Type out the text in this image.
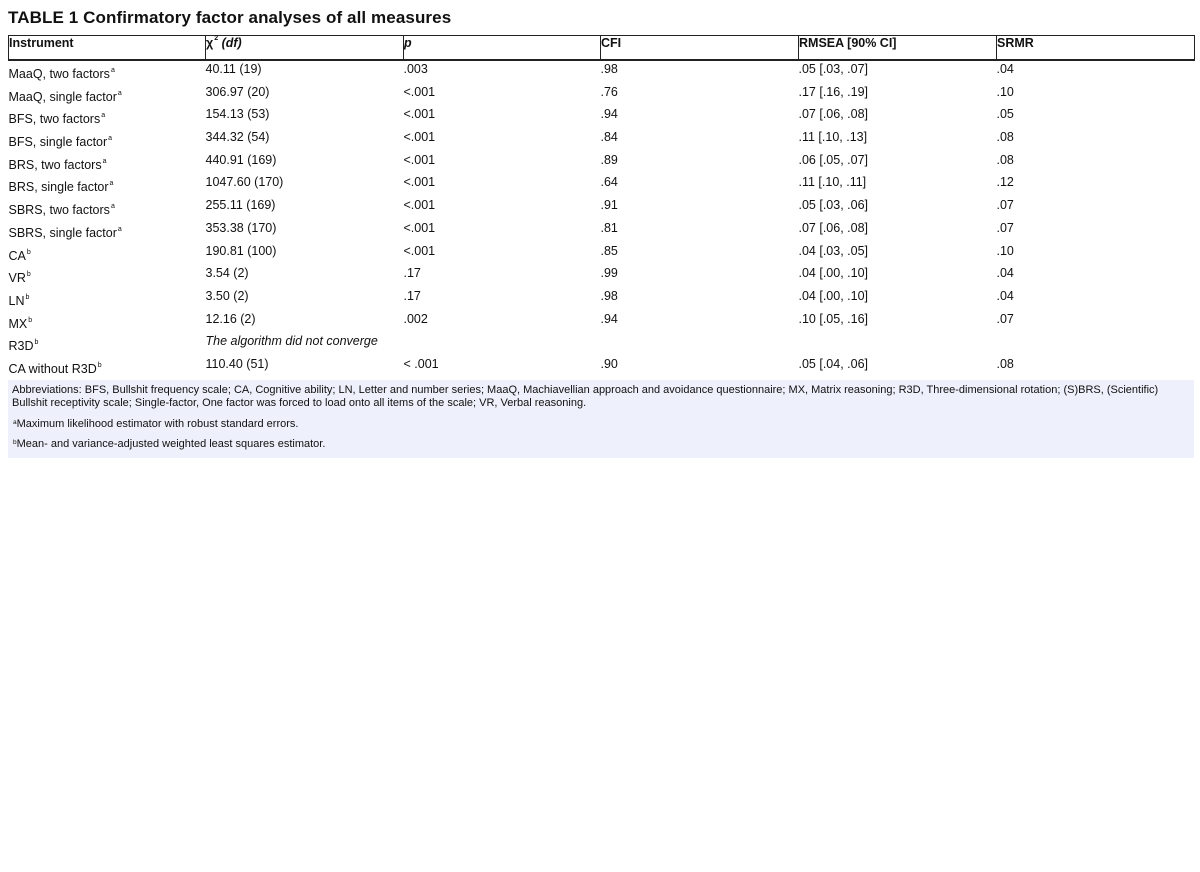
TABLE 1 Confirmatory factor analyses of all measures
Instrument	$\chi^2$ (df)	p	CFI	RMSEA [90% CI]	SRMR
MaaQ, two factors$^a$	40.11 (19)	.003	.98	.05 [.03, .07]	.04
MaaQ, single factor$^a$	306.97 (20)	<.001	.76	.17 [.16, .19]	.10
BFS, two factors$^a$	154.13 (53)	<.001	.94	.07 [.06, .08]	.05
BFS, single factor$^a$	344.32 (54)	<.001	.84	.11 [.10, .13]	.08
BRS, two factors$^a$	440.91 (169)	<.001	.89	.06 [.05, .07]	.08
BRS, single factor$^a$	1047.60 (170)	<.001	.64	.11 [.10, .11]	.12
SBRS, two factors$^a$	255.11 (169)	<.001	.91	.05 [.03, .06]	.07
SBRS, single factor$^a$	353.38 (170)	<.001	.81	.07 [.06, .08]	.07
$CA^b$	190.81 (100)	<.001	.85	.04 [.03, .05]	.10
$VR^b$	3.54 (2)	.17	.99	.04 [.00, .10]	.04
$LN^b$	3.50 (2)	.17	.98	.04 [.00, .10]	.04
$MX^b$	12.16 (2)	.002	.94	.10 [.05, .16]	.07
$R3D^b$	The algorithm did not converge				
CA without $R3D^b$	110.40 (51)	< .001	.90	.05 [.04, .06]	.08

Abbreviations: BFS, Bullshit frequency scale; CA, Cognitive ability; LN, Letter and number series; MaaQ, Machiavellian approach and avoidance questionnaire; MX, Matrix reasoning; R3D, Three-dimensional rotation; (S)BRS, (Scientific) Bullshit receptivity scale; Single-factor, One factor was forced to load onto all items of the scale; VR, Verbal reasoning.

$^a$Maximum likelihood estimator with robust standard errors.

$^b$Mean- and variance-adjusted weighted least squares estimator.
